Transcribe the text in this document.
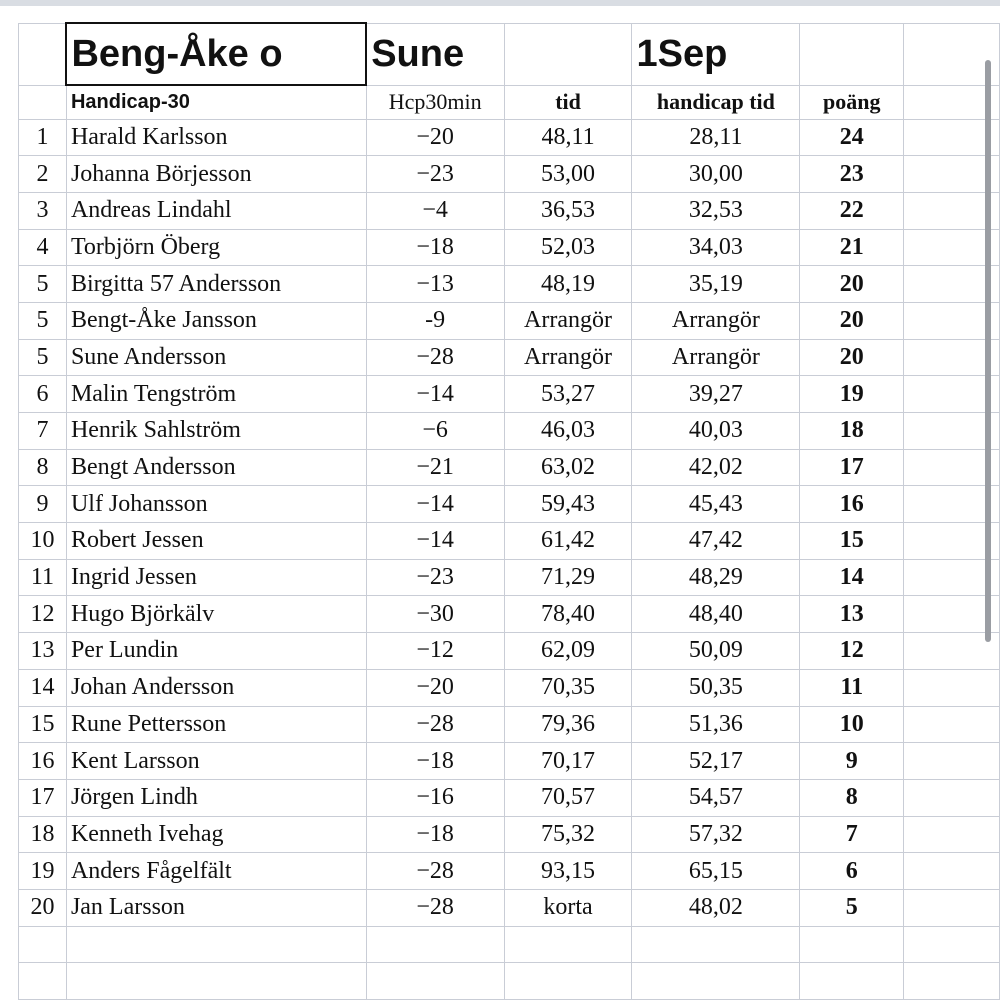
	Beng-Åke o	Sune		1Sep		
	Handicap-30	Hcp30min	tid	handicap tid	poäng	
1	Harald Karlsson	−20	48,11	28,11	24	
2	Johanna Börjesson	−23	53,00	30,00	23	
3	Andreas Lindahl	−4	36,53	32,53	22	
4	Torbjörn Öberg	−18	52,03	34,03	21	
5	Birgitta 57 Andersson	−13	48,19	35,19	20	
5	Bengt-Åke Jansson	-9	Arrangör	Arrangör	20	
5	Sune Andersson	−28	Arrangör	Arrangör	20	
6	Malin Tengström	−14	53,27	39,27	19	
7	Henrik Sahlström	−6	46,03	40,03	18	
8	Bengt Andersson	−21	63,02	42,02	17	
9	Ulf Johansson	−14	59,43	45,43	16	
10	Robert Jessen	−14	61,42	47,42	15	
11	Ingrid Jessen	−23	71,29	48,29	14	
12	Hugo Björkälv	−30	78,40	48,40	13	
13	Per Lundin	−12	62,09	50,09	12	
14	Johan Andersson	−20	70,35	50,35	11	
15	Rune Pettersson	−28	79,36	51,36	10	
16	Kent Larsson	−18	70,17	52,17	9	
17	Jörgen Lindh	−16	70,57	54,57	8	
18	Kenneth Ivehag	−18	75,32	57,32	7	
19	Anders Fågelfält	−28	93,15	65,15	6	
20	Jan Larsson	−28	korta	48,02	5	
